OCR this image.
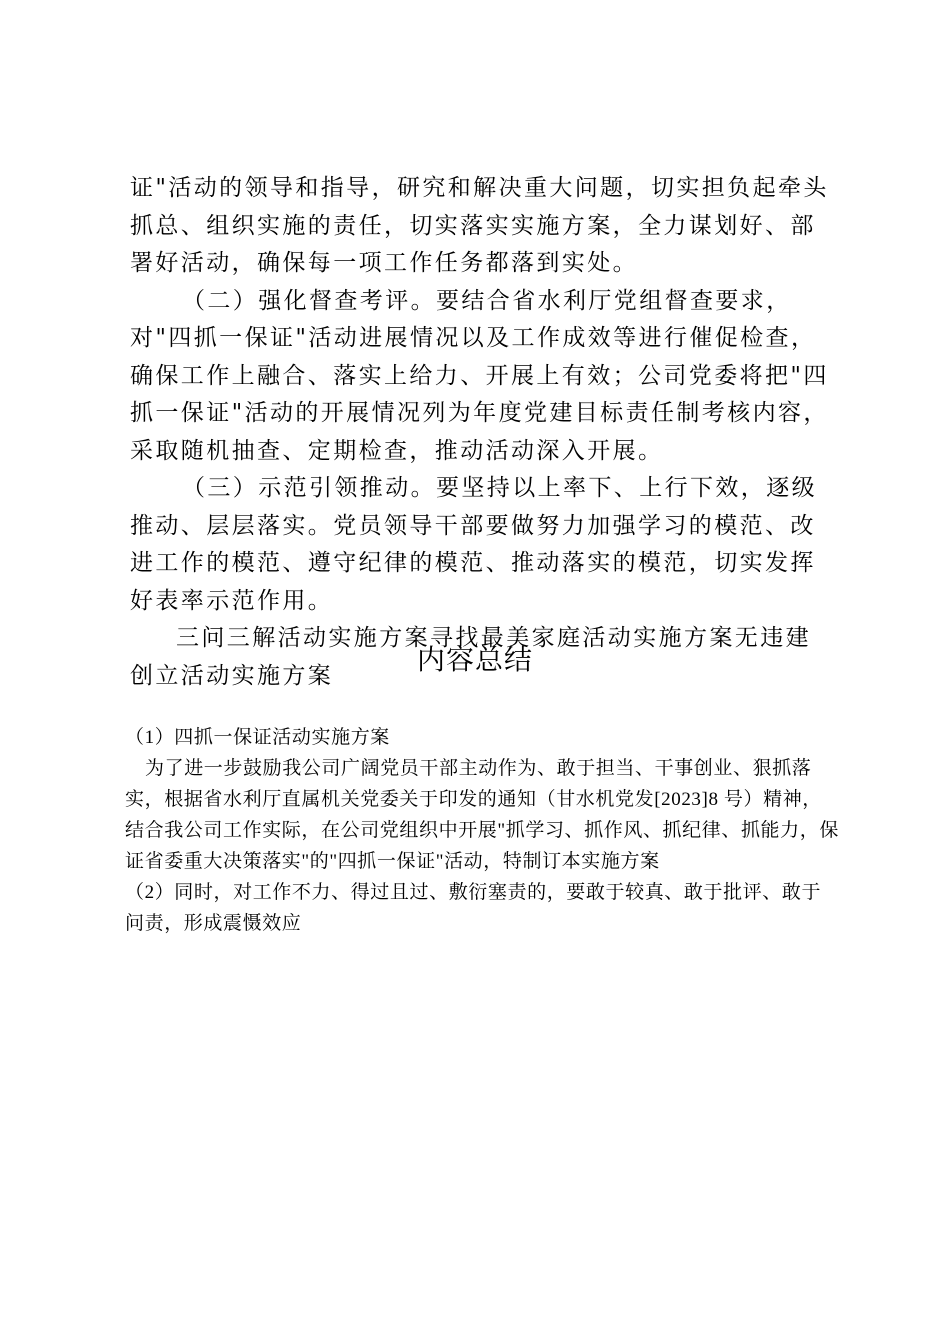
证"活动的领导和指导，研究和解决重大问题，切实担负起牵头抓总、组织实施的责任，切实落实实施方案，全力谋划好、部署好活动，确保每一项工作任务都落到实处。

（二）强化督查考评。要结合省水利厅党组督查要求，

对"四抓一保证"活动进展情况以及工作成效等进行催促检查，确保工作上融合、落实上给力、开展上有效；公司党委将把"四抓一保证"活动的开展情况列为年度党建目标责任制考核内容，采取随机抽查、定期检查，推动活动深入开展。

（三）示范引领推动。要坚持以上率下、上行下效，逐级推动、层层落实。党员领导干部要做努力加强学习的模范、改进工作的模范、遵守纪律的模范、推动落实的模范，切实发挥好表率示范作用。

三问三解活动实施方案寻找最美家庭活动实施方案无违建创立活动实施方案	内容总结

（1）四抓一保证活动实施方案

为了进一步鼓励我公司广阔党员干部主动作为、敢于担当、干事创业、狠抓落实，根据省水利厅直属机关党委关于印发的通知（甘水机党发[2023]8 号）精神，结合我公司工作实际，在公司党组织中开展"抓学习、抓作风、抓纪律、抓能力，保证省委重大决策落实"的"四抓一保证"活动，特制订本实施方案

（2）同时，对工作不力、得过且过、敷衍塞责的，要敢于较真、敢于批评、敢于问责，形成震慑效应
